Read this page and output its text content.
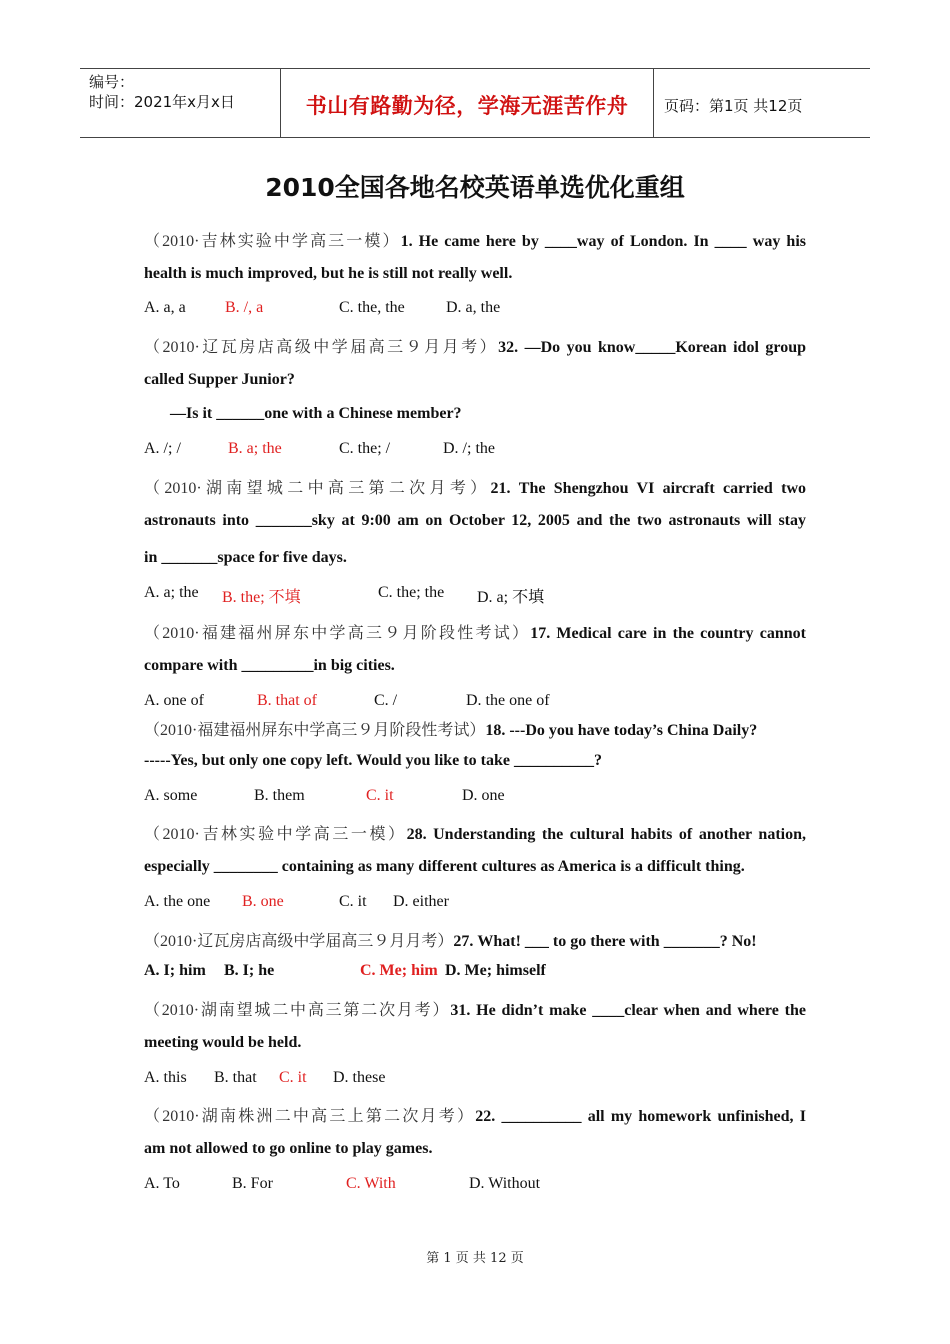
编号：
时间：2021年x月x日	书山有路勤为径，学海无涯苦作舟	页码：第1页 共12页
2010全国各地名校英语单选优化重组
（2010·吉林实验中学高三一模）1. He came here by ____way of London. In ____ way his
health is much improved, but he is still not really well.
A. a, a B. /, a	C. the, the	D. a, the
（2010·辽瓦房店高级中学届高三９月月考）32. —Do you know_____Korean idol group
called Supper Junior?
—Is it ______one with a Chinese member?
A. /; /	B. a; the	C. the; /	D. /; the
（2010·湖南望城二中高三第二次月考）21. The Shengzhou VI aircraft carried two
astronauts into _______sky at 9:00 am on October 12, 2005 and the two astronauts will stay
in _______space for five days.
A. a; the B. the; 不填	C. the; the D. a; 不填
（2010·福建福州屏东中学高三９月阶段性考试）17. Medical care in the country cannot
compare with _________in big cities.
A. one of	B. that of	C. /	D. the one of
（2010·福建福州屏东中学高三９月阶段性考试）18. ---Do you have today’s China Daily?
-----Yes, but only one copy left. Would you like to take __________?
A. some	B. them	C. it	D. one
（2010·吉林实验中学高三一模）28. Understanding the cultural habits of another nation,
especially ________ containing as many different cultures as America is a difficult thing.
A. the one B. one	C. it D. either
（2010·辽瓦房店高级中学届高三９月月考）27. What! ___ to go there with _______? No!
A. I; him B. I; he	C. Me; him D. Me; himself
（2010·湖南望城二中高三第二次月考）31. He didn’t make ____clear when and where the
meeting would be held.
A. this B. that C. it D. these
（2010·湖南株洲二中高三上第二次月考）22. __________ all my homework unfinished, I
am not allowed to go online to play games.
A. To	B. For	C. With	D. Without
第 1 页 共 12 页
